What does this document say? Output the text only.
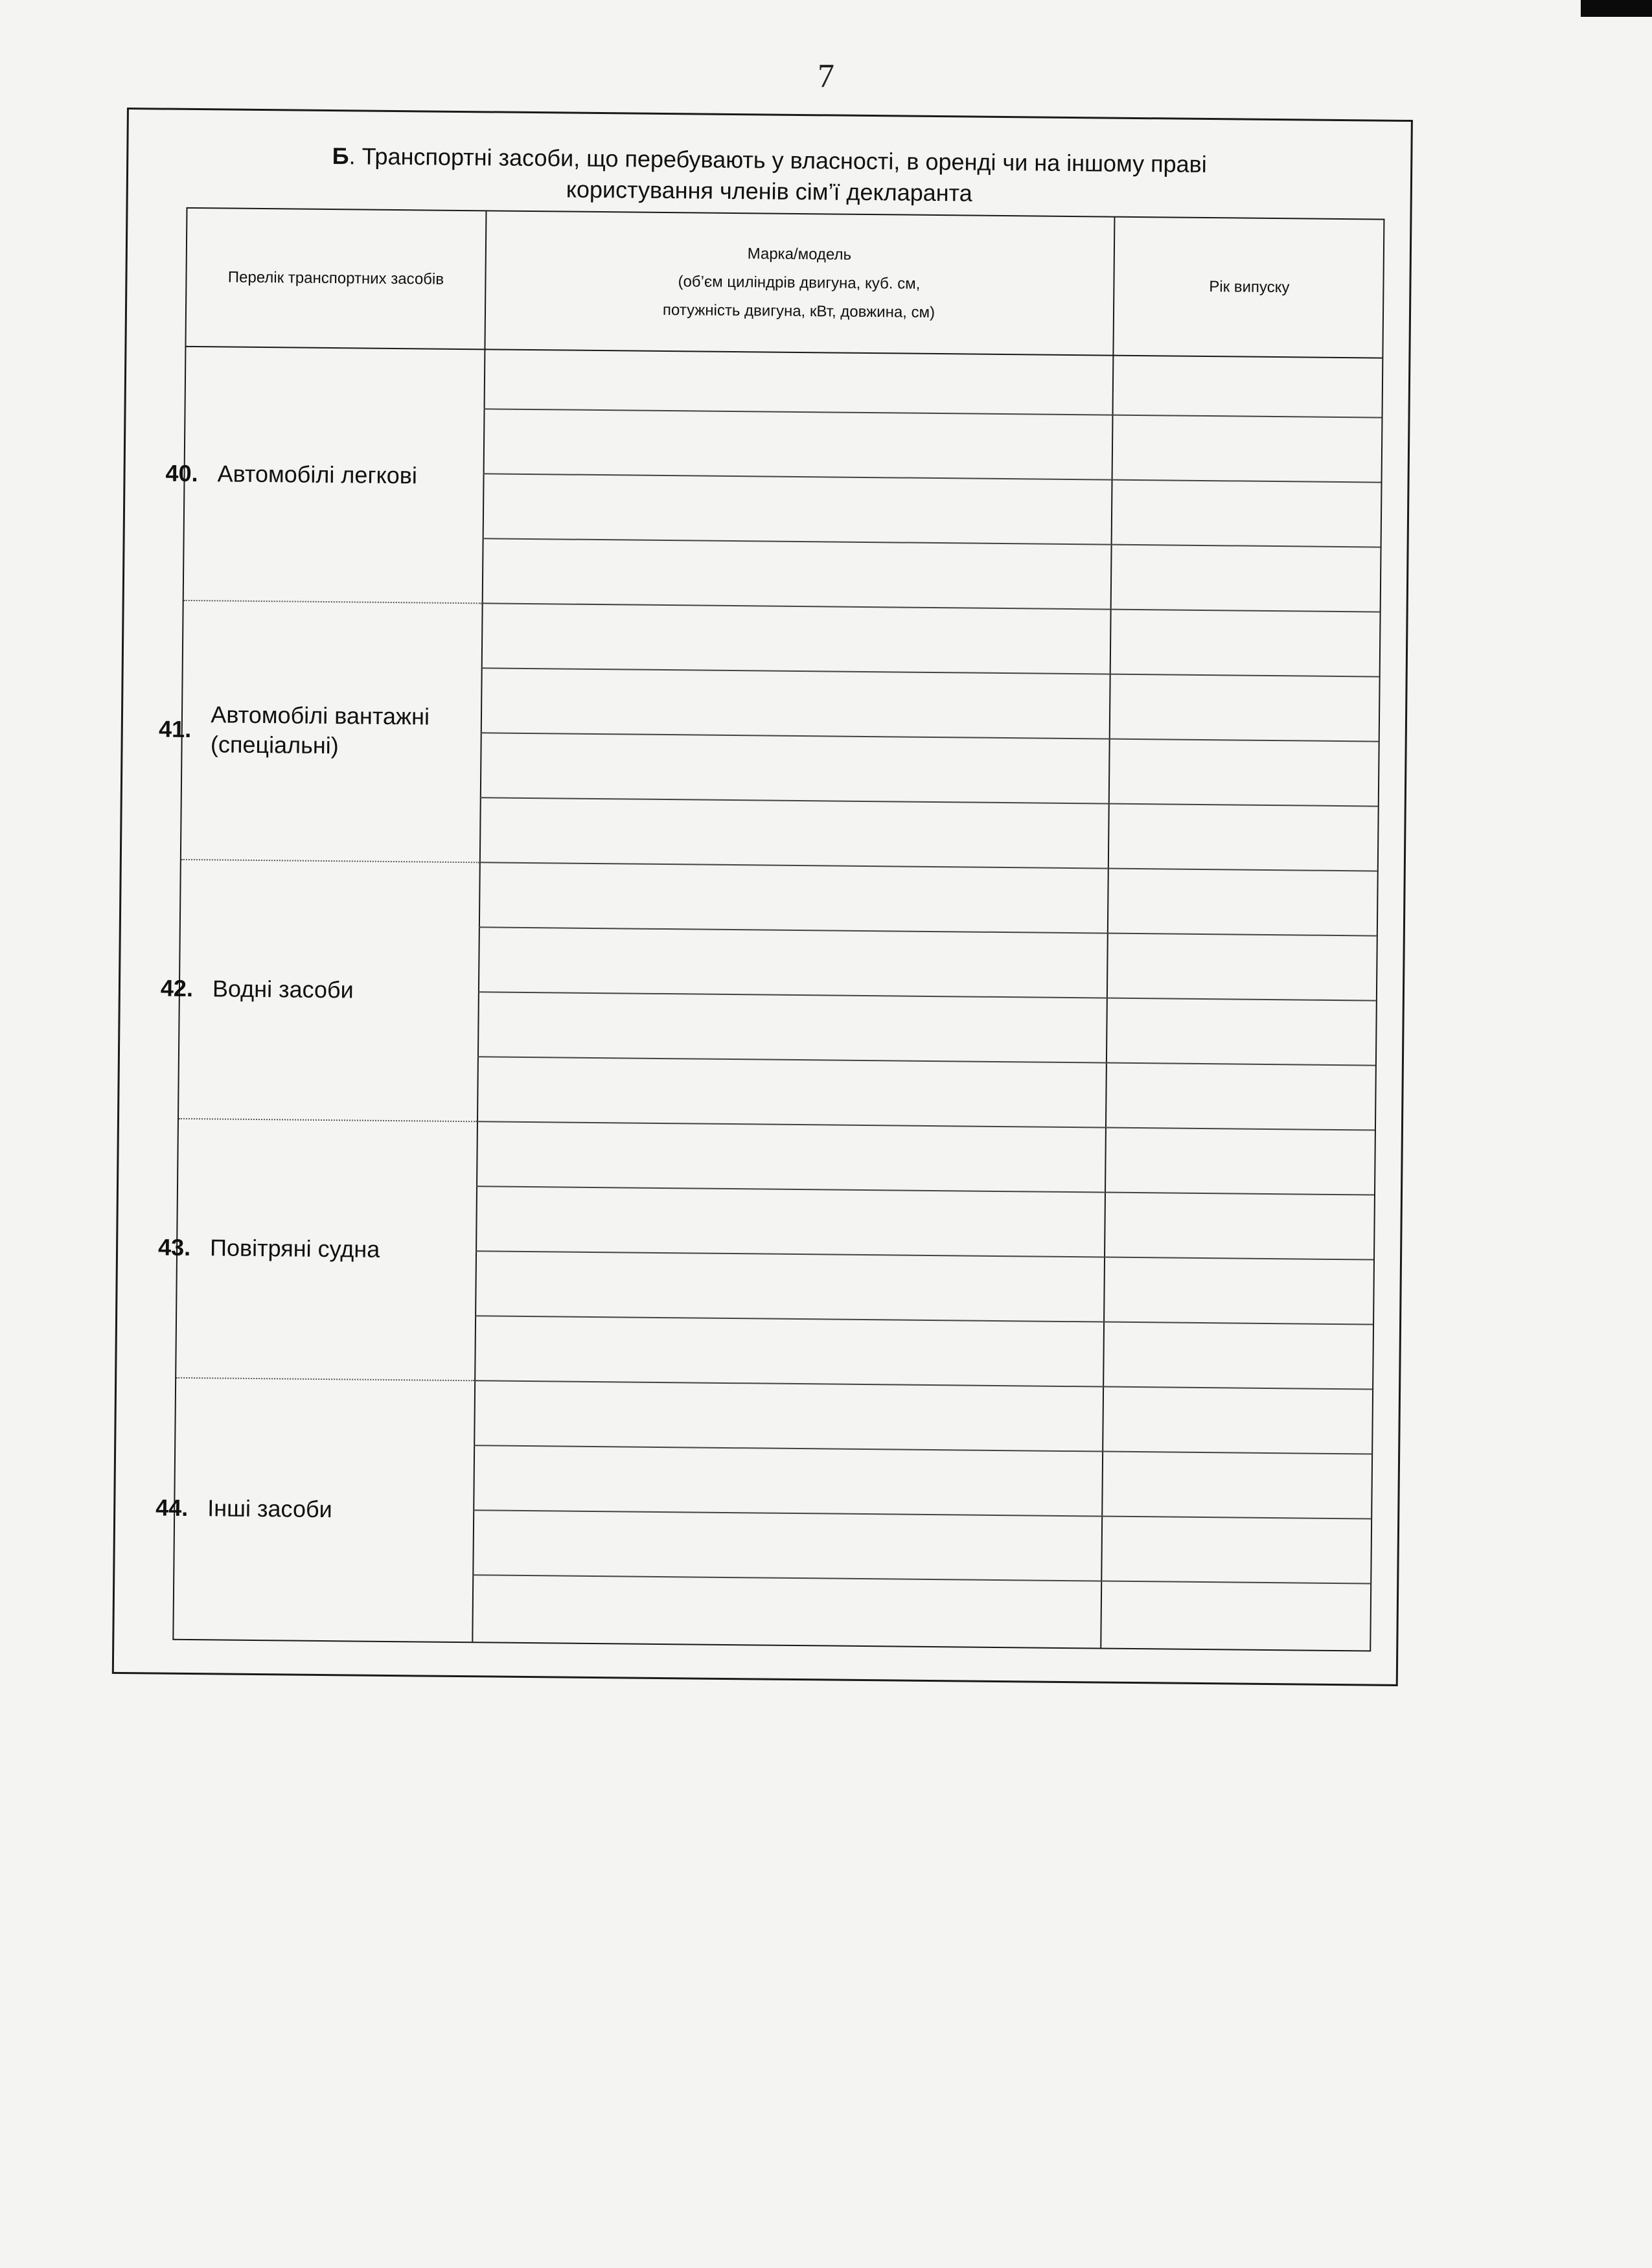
7
Б. Транспортні засоби, що перебувають у власності, в оренді чи на іншому праві
користування членів сім’ї декларанта
Перелік транспортних засобів
Марка/модель
(об’єм циліндрів двигуна, куб. см,
потужність двигуна, кВт, довжина, см)
Рік випуску
40. Автомобілі легкові
41. Автомобілі вантажні (спеціальні)
42. Водні засоби
43. Повітряні судна
44. Інші засоби
